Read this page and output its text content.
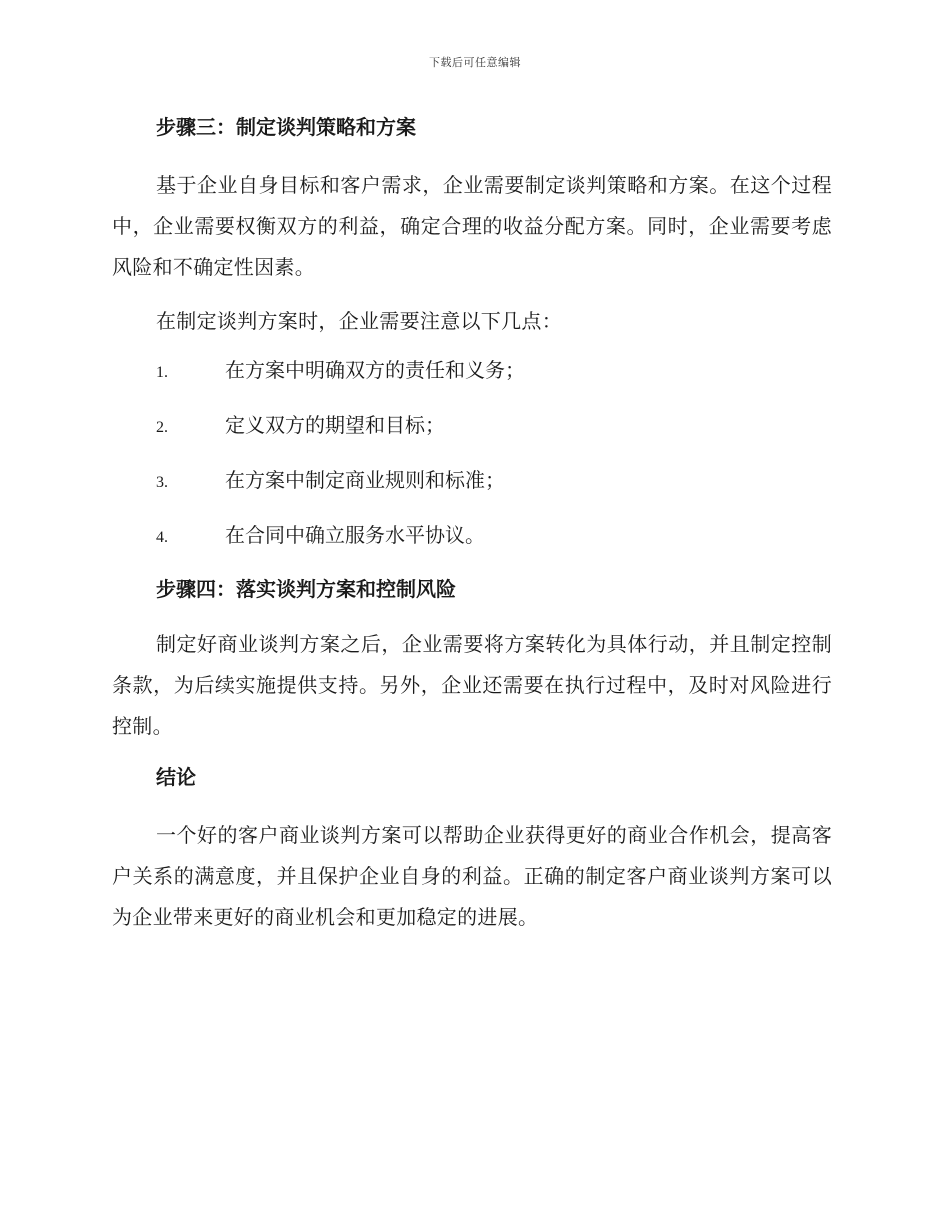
下载后可任意编辑
步骤三：制定谈判策略和方案

基于企业自身目标和客户需求，企业需要制定谈判策略和方案。在这个过程中，企业需要权衡双方的利益，确定合理的收益分配方案。同时，企业需要考虑风险和不确定性因素。

在制定谈判方案时，企业需要注意以下几点：

1.	在方案中明确双方的责任和义务；
2.	定义双方的期望和目标；
3.	在方案中制定商业规则和标准；
4.	在合同中确立服务水平协议。
步骤四：落实谈判方案和控制风险

制定好商业谈判方案之后，企业需要将方案转化为具体行动，并且制定控制条款，为后续实施提供支持。另外，企业还需要在执行过程中，及时对风险进行控制。

结论

一个好的客户商业谈判方案可以帮助企业获得更好的商业合作机会，提高客户关系的满意度，并且保护企业自身的利益。正确的制定客户商业谈判方案可以为企业带来更好的商业机会和更加稳定的进展。
